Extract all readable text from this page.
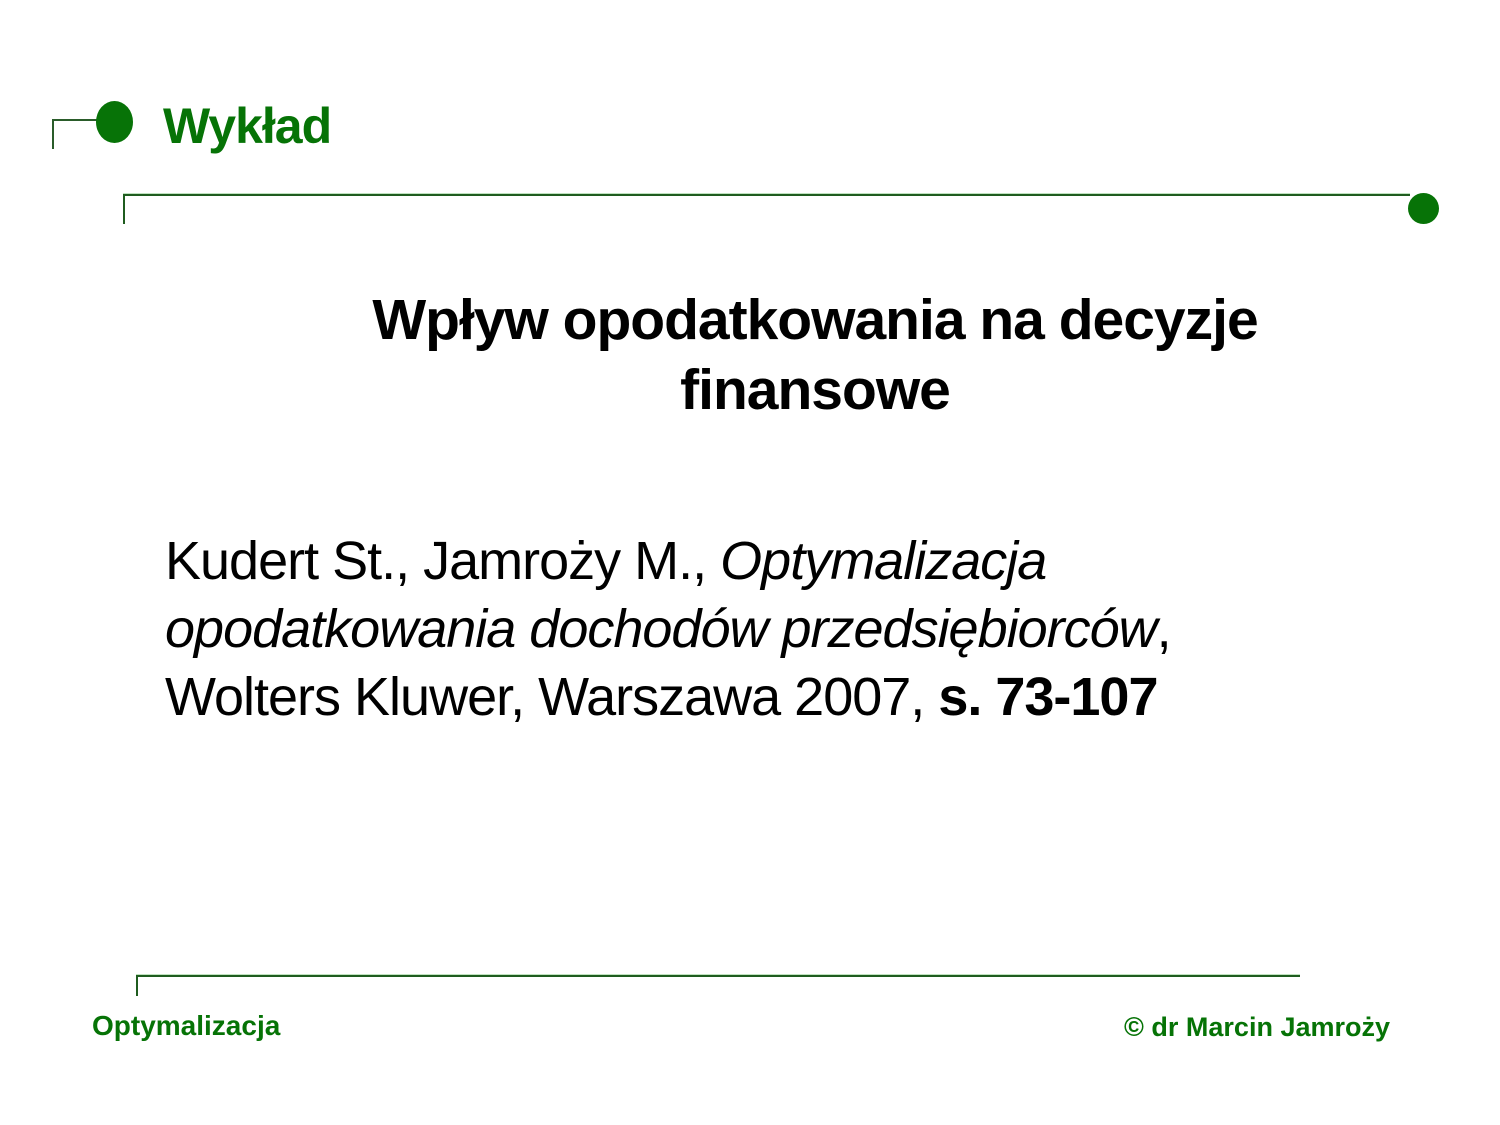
Wykład
Wpływ opodatkowania na decyzje
finansowe
Kudert St., Jamroży M., Optymalizacja
opodatkowania dochodów przedsiębiorców,
Wolters Kluwer, Warszawa 2007, s. 73-107
Optymalizacja	© dr Marcin Jamroży
